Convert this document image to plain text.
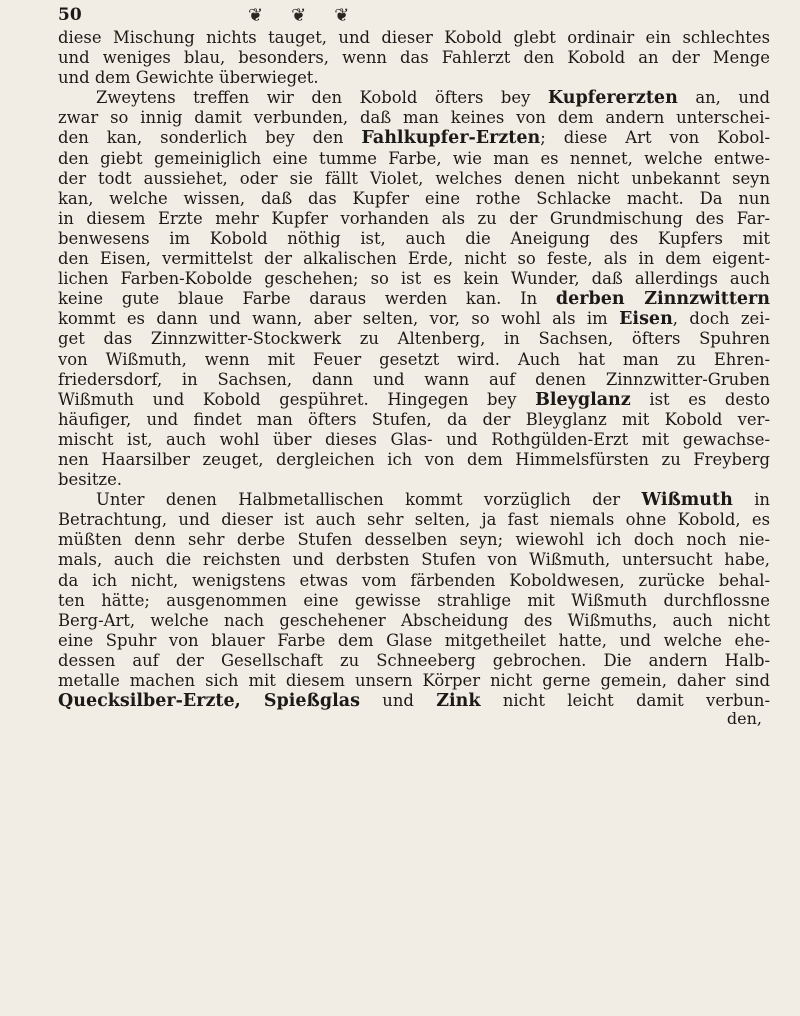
50	❦ ❦ ❦
diese Mischung nichts tauget, und dieser Kobold glebt ordinair ein schlechtes
und weniges blau, besonders, wenn das Fahlerzt den Kobold an der Menge
und dem Gewichte überwieget.
Zweytens treffen wir den Kobold öfters bey Kupfererzten an, und
zwar so innig damit verbunden, daß man keines von dem andern unterschei-
den kan, sonderlich bey den Fahlkupfer-Erzten; diese Art von Kobol-
den giebt gemeiniglich eine tumme Farbe, wie man es nennet, welche entwe-
der todt aussiehet, oder sie fällt Violet, welches denen nicht unbekannt seyn
kan, welche wissen, daß das Kupfer eine rothe Schlacke macht. Da nun
in diesem Erzte mehr Kupfer vorhanden als zu der Grundmischung des Far-
benwesens im Kobold nöthig ist, auch die Aneigung des Kupfers mit
den Eisen, vermittelst der alkalischen Erde, nicht so feste, als in dem eigent-
lichen Farben-Kobolde geschehen; so ist es kein Wunder, daß allerdings auch
keine gute blaue Farbe daraus werden kan. In derben Zinnzwittern
kommt es dann und wann, aber selten, vor, so wohl als im Eisen, doch zei-
get das Zinnzwitter-Stockwerk zu Altenberg, in Sachsen, öfters Spuhren
von Wißmuth, wenn mit Feuer gesetzt wird. Auch hat man zu Ehren-
friedersdorf, in Sachsen, dann und wann auf denen Zinnzwitter-Gruben
Wißmuth und Kobold gespühret. Hingegen bey Bleyglanz ist es desto
häufiger, und findet man öfters Stufen, da der Bleyglanz mit Kobold ver-
mischt ist, auch wohl über dieses Glas- und Rothgülden-Erzt mit gewachse-
nen Haarsilber zeuget, dergleichen ich von dem Himmelsfürsten zu Freyberg
besitze.
Unter denen Halbmetallischen kommt vorzüglich der Wißmuth in
Betrachtung, und dieser ist auch sehr selten, ja fast niemals ohne Kobold, es
müßten denn sehr derbe Stufen desselben seyn; wiewohl ich doch noch nie-
mals, auch die reichsten und derbsten Stufen von Wißmuth, untersucht habe,
da ich nicht, wenigstens etwas vom färbenden Koboldwesen, zurücke behal-
ten hätte; ausgenommen eine gewisse strahlige mit Wißmuth durchflossne
Berg-Art, welche nach geschehener Abscheidung des Wißmuths, auch nicht
eine Spuhr von blauer Farbe dem Glase mitgetheilet hatte, und welche ehe-
dessen auf der Gesellschaft zu Schneeberg gebrochen. Die andern Halb-
metalle machen sich mit diesem unsern Körper nicht gerne gemein, daher sind
Quecksilber-Erzte, Spießglas und Zink nicht leicht damit verbun-
den,
